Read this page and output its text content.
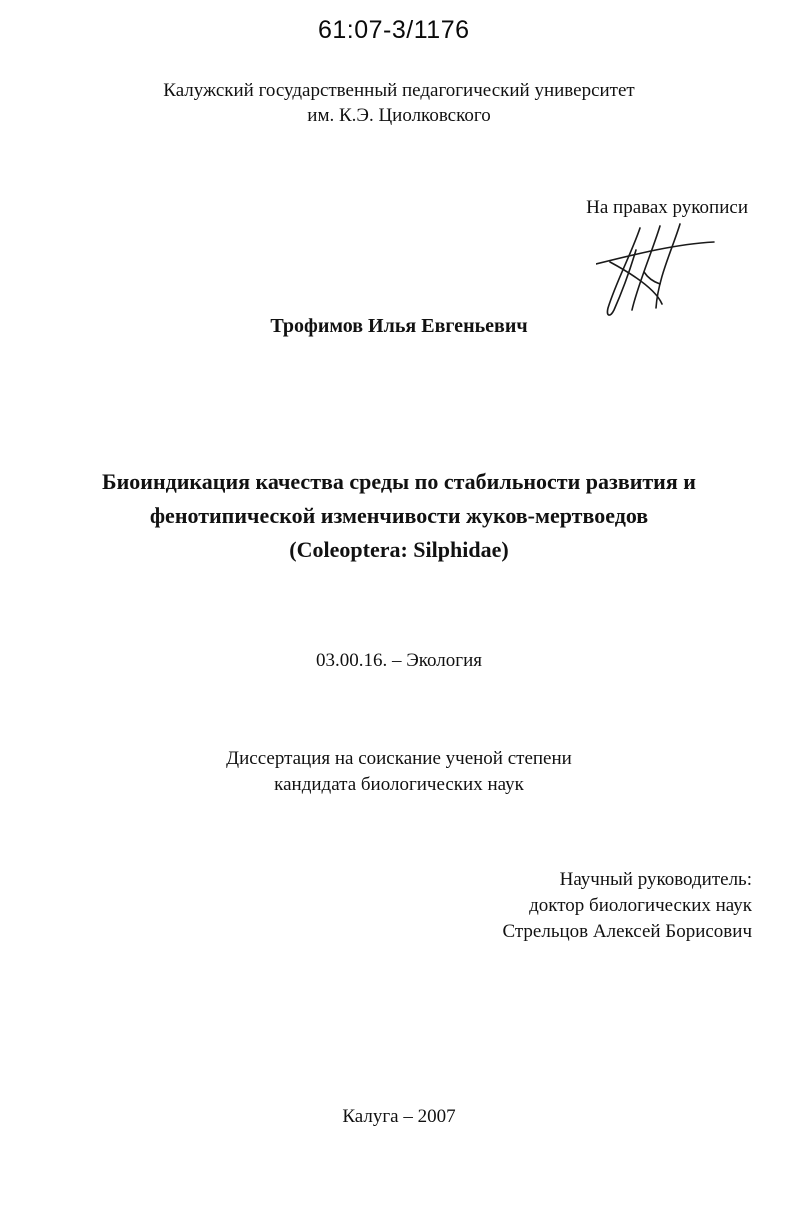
61:07-3/1176
Калужский государственный педагогический университет
им. К.Э. Циолковского
На правах рукописи
Трофимов Илья Евгеньевич
Биоиндикация качества среды по стабильности развития и
фенотипической изменчивости жуков-мертвоедов
(Coleoptera: Silphidae)
03.00.16. – Экология
Диссертация на соискание ученой степени
кандидата биологических наук
Научный руководитель:
доктор биологических наук
Стрельцов Алексей Борисович
Калуга – 2007
